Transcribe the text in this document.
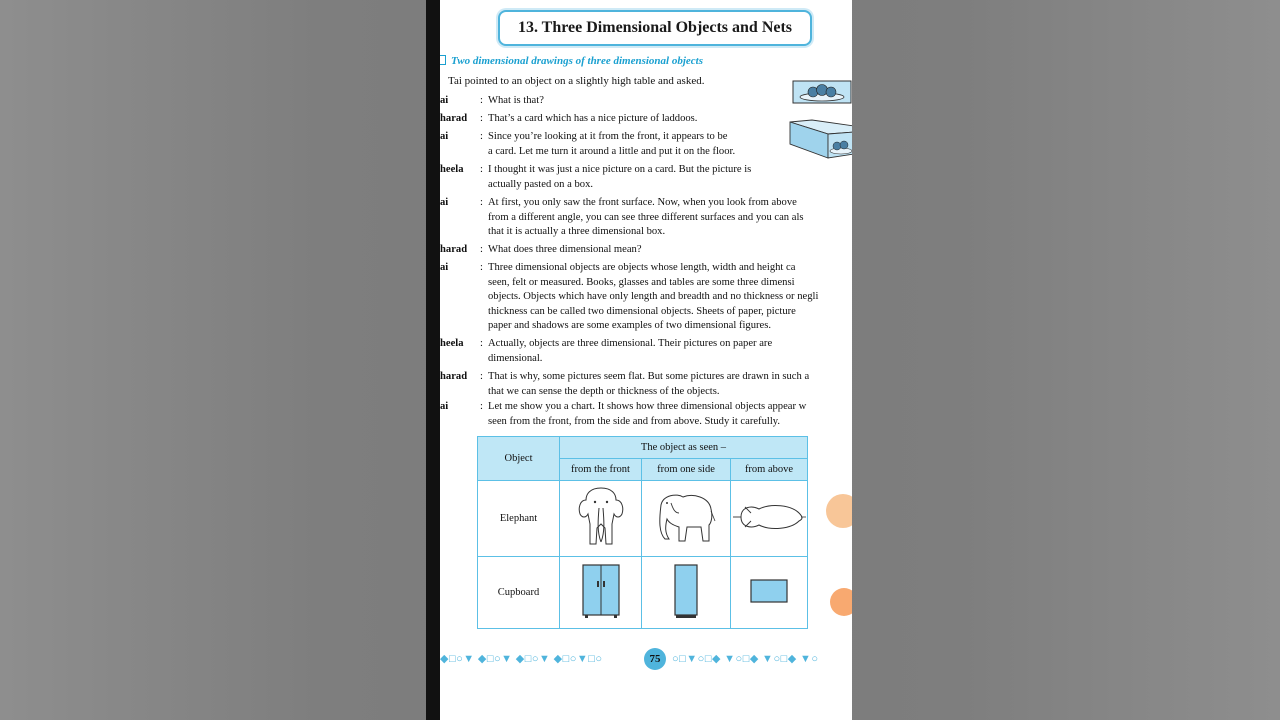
13. Three Dimensional Objects and Nets
Two dimensional drawings of three dimensional objects
Tai pointed to an object on a slightly high table and asked.
ai	: What is that?
harad	: That’s a card which has a nice picture of laddoos.
ai	: Since you’re looking at it from the front, it appears to be
a card. Let me turn it around a little and put it on the floor.
heela	: I thought it was just a nice picture on a card. But the picture is
actually pasted on a box.
ai	: At first, you only saw the front surface. Now, when you look from above
from a different angle, you can see three different surfaces and you can als
that it is actually a three dimensional box.
harad	: What does three dimensional mean?
ai	: Three dimensional objects are objects whose length, width and height ca
seen, felt or measured. Books, glasses and tables are some three dimensi
objects. Objects which have only length and breadth and no thickness or negli
thickness can be called two dimensional objects. Sheets of paper, picture
paper and shadows are some examples of two dimensional figures.
heela	: Actually, objects are three dimensional. Their pictures on paper are
dimensional.
harad	: That is why, some pictures seem flat. But some pictures are drawn in such a
that we can sense the depth or thickness of the objects.
ai	: Let me show you a chart. It shows how three dimensional objects appear w
seen from the front, from the side and from above. Study it carefully.
Object	The object as seen –		
	from the front	from one side	from above
Elephant			
Cupboard			
◆□○▼ ◆□○▼ ◆□○▼ ◆□○▼□○	○□▼○□◆ ▼○□◆ ▼○□◆ ▼○
75
Wecorder
